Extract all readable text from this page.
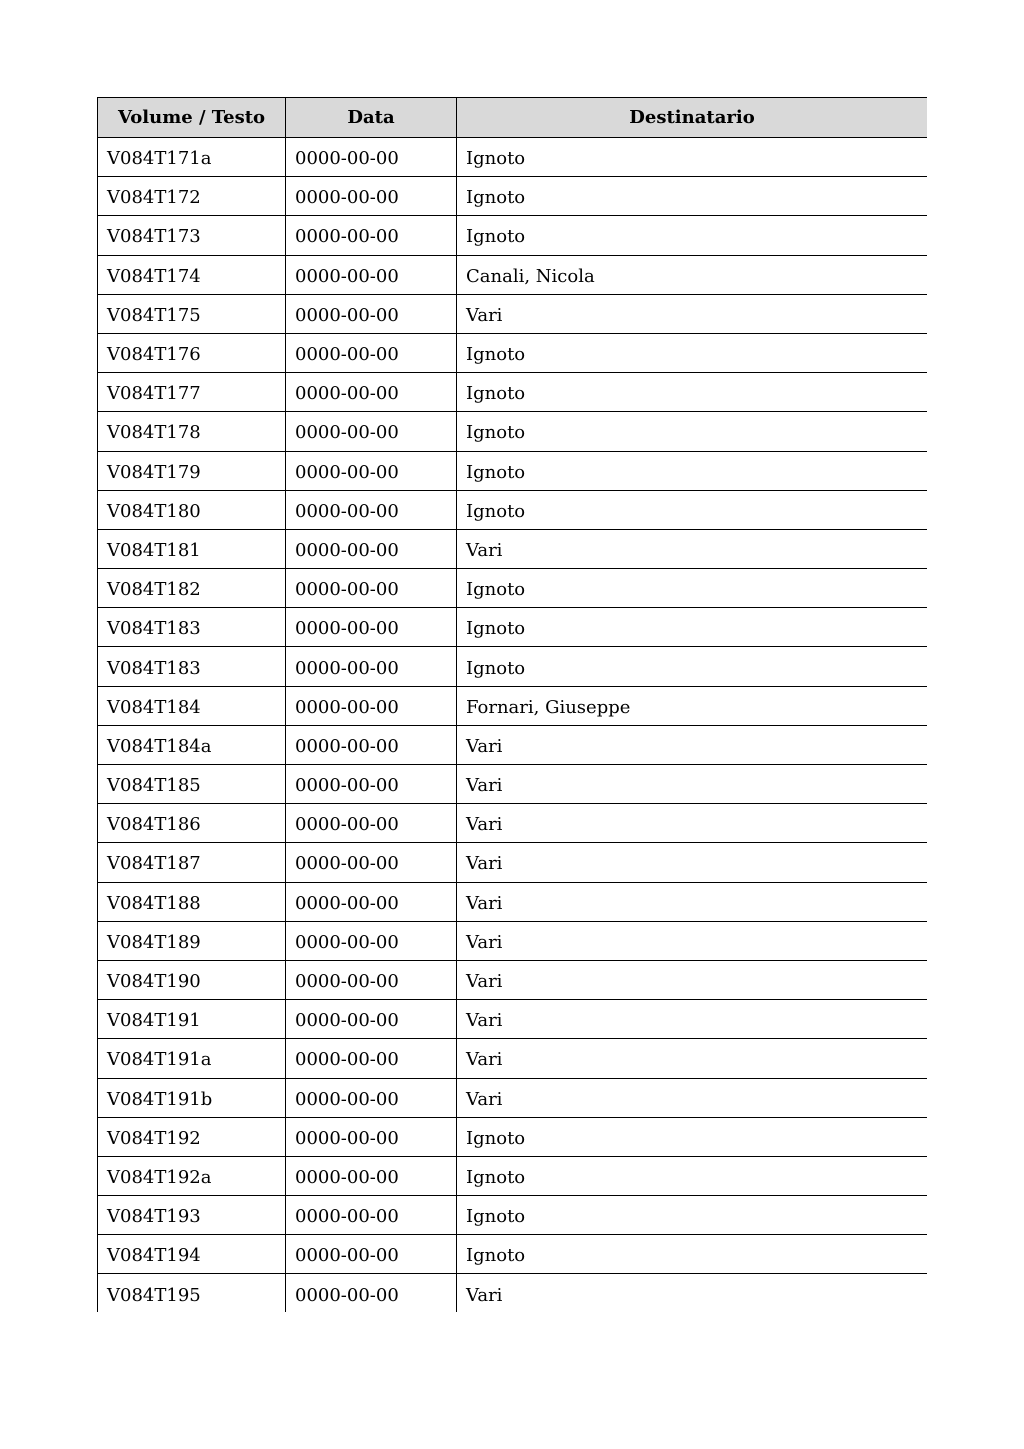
Volume / Testo	Data	Destinatario
V084T171a	0000-00-00	Ignoto
V084T172	0000-00-00	Ignoto
V084T173	0000-00-00	Ignoto
V084T174	0000-00-00	Canali, Nicola
V084T175	0000-00-00	Vari
V084T176	0000-00-00	Ignoto
V084T177	0000-00-00	Ignoto
V084T178	0000-00-00	Ignoto
V084T179	0000-00-00	Ignoto
V084T180	0000-00-00	Ignoto
V084T181	0000-00-00	Vari
V084T182	0000-00-00	Ignoto
V084T183	0000-00-00	Ignoto
V084T183	0000-00-00	Ignoto
V084T184	0000-00-00	Fornari, Giuseppe
V084T184a	0000-00-00	Vari
V084T185	0000-00-00	Vari
V084T186	0000-00-00	Vari
V084T187	0000-00-00	Vari
V084T188	0000-00-00	Vari
V084T189	0000-00-00	Vari
V084T190	0000-00-00	Vari
V084T191	0000-00-00	Vari
V084T191a	0000-00-00	Vari
V084T191b	0000-00-00	Vari
V084T192	0000-00-00	Ignoto
V084T192a	0000-00-00	Ignoto
V084T193	0000-00-00	Ignoto
V084T194	0000-00-00	Ignoto
V084T195	0000-00-00	Vari
